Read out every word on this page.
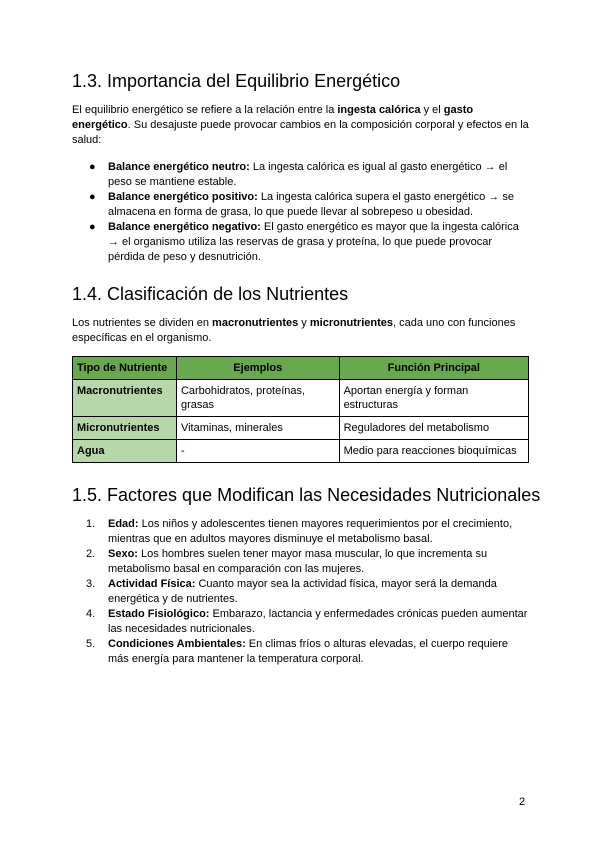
1.3. Importancia del Equilibrio Energético

El equilibrio energético se refiere a la relación entre la ingesta calórica y el gasto energético. Su desajuste puede provocar cambios en la composición corporal y efectos en la salud:

●	Balance energético neutro: La ingesta calórica es igual al gasto energético → el peso se mantiene estable.
●	Balance energético positivo: La ingesta calórica supera el gasto energético → se almacena en forma de grasa, lo que puede llevar al sobrepeso u obesidad.
●	Balance energético negativo: El gasto energético es mayor que la ingesta calórica → el organismo utiliza las reservas de grasa y proteína, lo que puede provocar pérdida de peso y desnutrición.
1.4. Clasificación de los Nutrientes

Los nutrientes se dividen en macronutrientes y micronutrientes, cada uno con funciones específicas en el organismo.

Tipo de Nutriente	Ejemplos	Función Principal
Macronutrientes	Carbohidratos, proteínas, grasas	Aportan energía y forman estructuras
Micronutrientes	Vitaminas, minerales	Reguladores del metabolismo
Agua	-	Medio para reacciones bioquímicas
1.5. Factores que Modifican las Necesidades Nutricionales
1.	Edad: Los niños y adolescentes tienen mayores requerimientos por el crecimiento, mientras que en adultos mayores disminuye el metabolismo basal.
2.	Sexo: Los hombres suelen tener mayor masa muscular, lo que incrementa su metabolismo basal en comparación con las mujeres.
3.	Actividad Física: Cuanto mayor sea la actividad física, mayor será la demanda energética y de nutrientes.
4.	Estado Fisiológico: Embarazo, lactancia y enfermedades crónicas pueden aumentar las necesidades nutricionales.
5.	Condiciones Ambientales: En climas fríos o alturas elevadas, el cuerpo requiere más energía para mantener la temperatura corporal.
2
